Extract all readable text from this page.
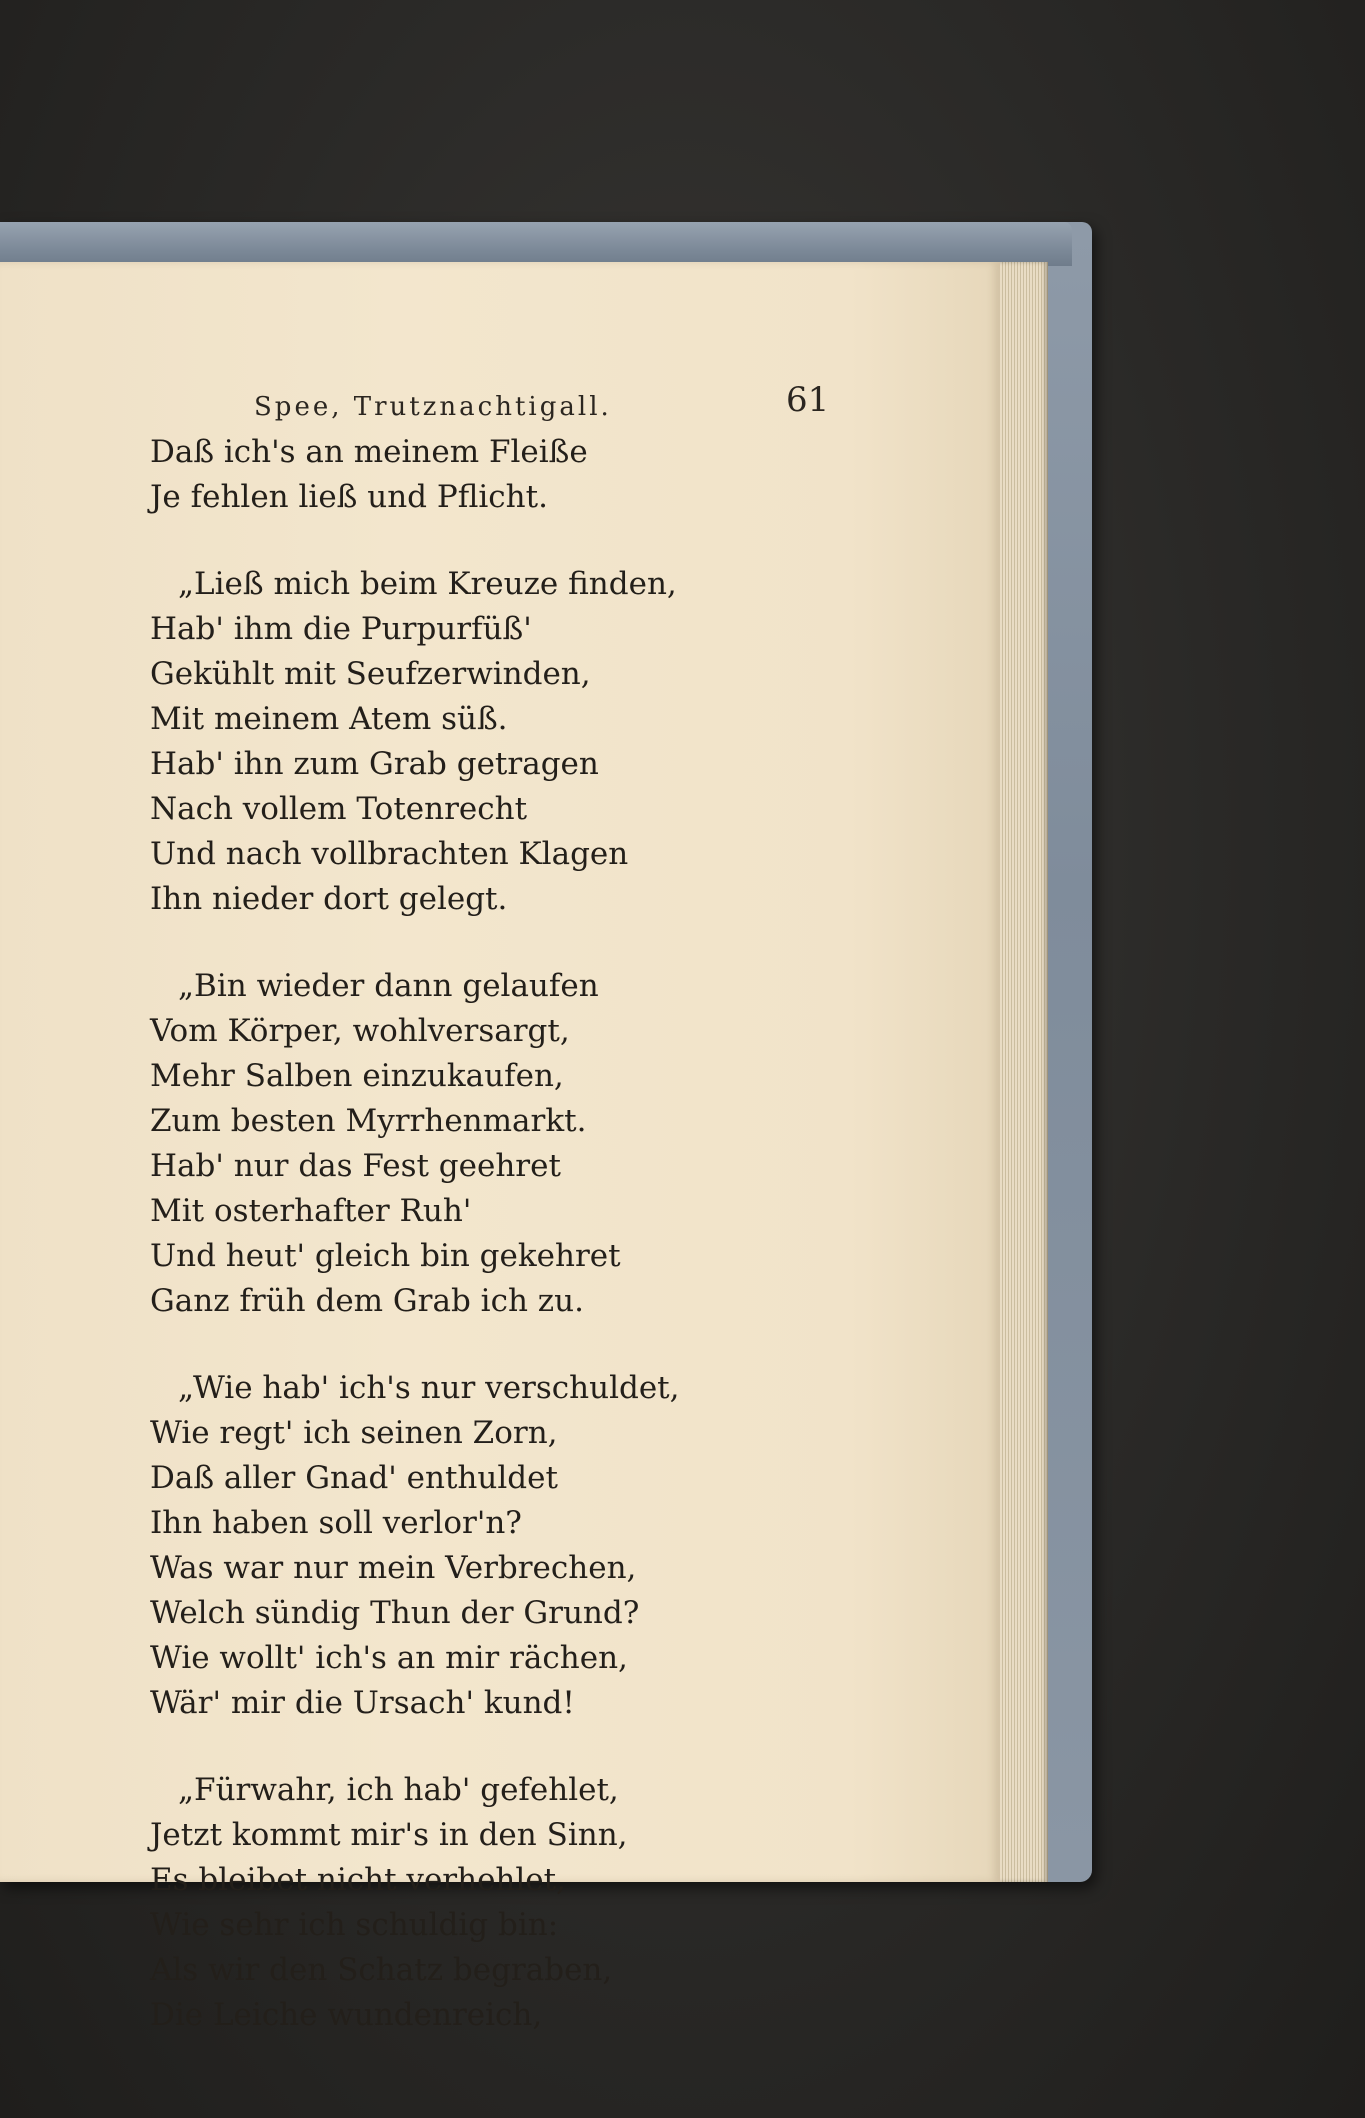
Spee, Trutznachtigall.	61
Daß ich's an meinem Fleiße
Je fehlen ließ und Pflicht.
„Ließ mich beim Kreuze finden,
Hab' ihm die Purpurfüß'
Gekühlt mit Seufzerwinden,
Mit meinem Atem süß.
Hab' ihn zum Grab getragen
Nach vollem Totenrecht
Und nach vollbrachten Klagen
Ihn nieder dort gelegt.
„Bin wieder dann gelaufen
Vom Körper, wohlversargt,
Mehr Salben einzukaufen,
Zum besten Myrrhenmarkt.
Hab' nur das Fest geehret
Mit osterhafter Ruh'
Und heut' gleich bin gekehret
Ganz früh dem Grab ich zu.
„Wie hab' ich's nur verschuldet,
Wie regt' ich seinen Zorn,
Daß aller Gnad' enthuldet
Ihn haben soll verlor'n?
Was war nur mein Verbrechen,
Welch sündig Thun der Grund?
Wie wollt' ich's an mir rächen,
Wär' mir die Ursach' kund!
„Fürwahr, ich hab' gefehlet,
Jetzt kommt mir's in den Sinn,
Es bleibet nicht verhehlet,
Wie sehr ich schuldig bin:
Als wir den Schatz begraben,
Die Leiche wundenreich,
